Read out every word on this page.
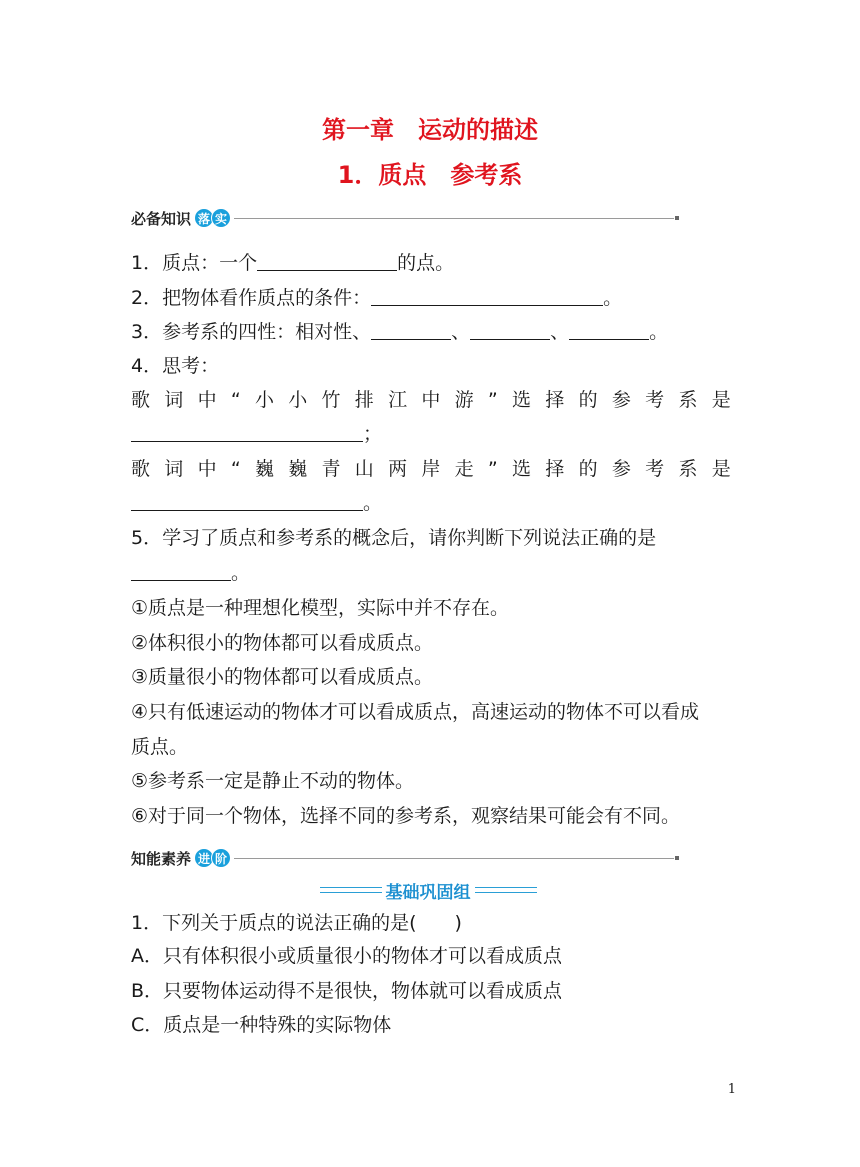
第一章　运动的描述
1．质点　参考系
必备知识 落 实
1．质点：一个	的点。
2．把物体看作质点的条件：	。
3．参考系的四性：相对性、	、	、	。
4．思考：
歌 词 中 “ 小 小 竹 排 江 中 游 ” 选 择 的 参 考 系 是
；
歌 词 中 “ 巍 巍 青 山 两 岸 走 ” 选 择 的 参 考 系 是
。
5．学习了质点和参考系的概念后，请你判断下列说法正确的是
。
①质点是一种理想化模型，实际中并不存在。
②体积很小的物体都可以看成质点。
③质量很小的物体都可以看成质点。
④只有低速运动的物体才可以看成质点，高速运动的物体不可以看成
质点。
⑤参考系一定是静止不动的物体。
⑥对于同一个物体，选择不同的参考系，观察结果可能会有不同。
知能素养 进 阶
基础巩固组
1．下列关于质点的说法正确的是(　　)
A．只有体积很小或质量很小的物体才可以看成质点
B．只要物体运动得不是很快，物体就可以看成质点
C．质点是一种特殊的实际物体
1
